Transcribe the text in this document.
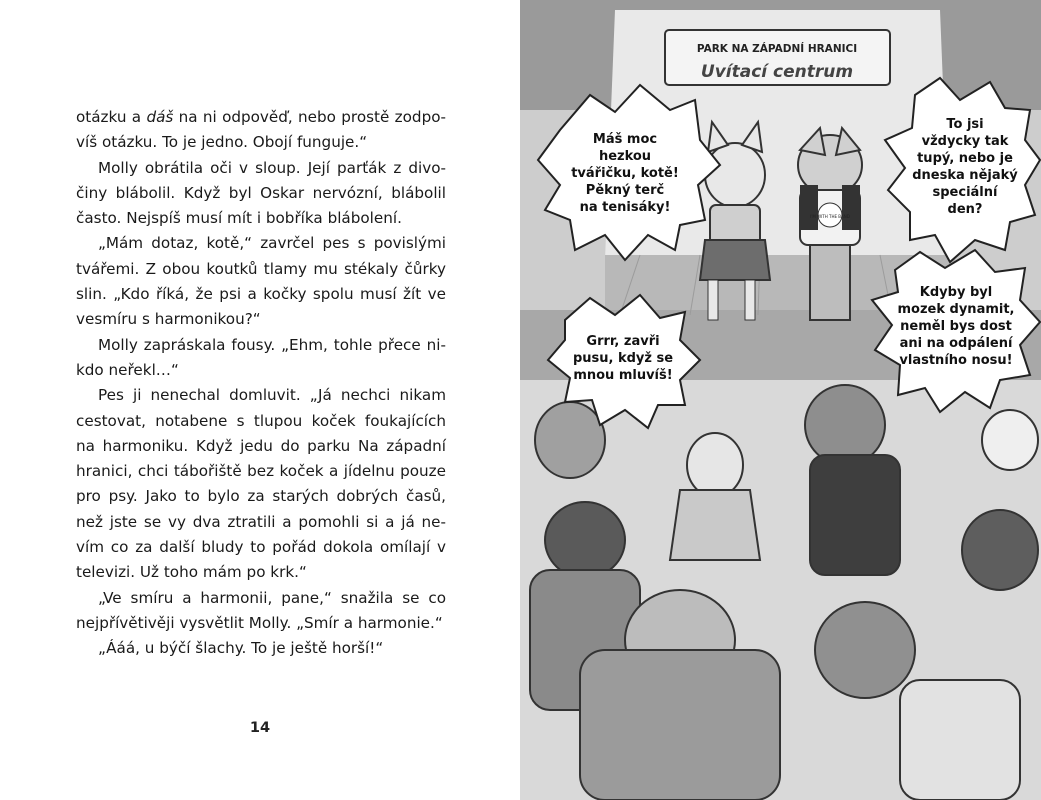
otázku a dáš na ni odpověď, nebo prostě zodpovíš otázku. To je jedno. Obojí funguje.“

Molly obrátila oči v sloup. Její parťák z divočiny blábolil. Když byl Oskar nervózní, blábolil často. Nejspíš musí mít i bobříka blábolení.

„Mám dotaz, kotě,“ zavrčel pes s povislými tvářemi. Z obou koutků tlamy mu stékaly čůrky slin. „Kdo říká, že psi a kočky spolu musí žít ve vesmíru s harmonikou?“

Molly zapráskala fousy. „Ehm, tohle přece nikdo neřekl…“

Pes ji nenechal domluvit. „Já nechci nikam cestovat, notabene s tlupou koček foukajících na harmoniku. Když jedu do parku Na západní hranici, chci tábořiště bez koček a jídelnu pouze pro psy. Jako to bylo za starých dobrých časů, než jste se vy dva ztratili a pomohli si a já nevím co za další bludy to pořád dokola omílají v televizi. Už toho mám po krk.“

„Ve smíru a harmonii, pane,“ snažila se co nejpřívětivěji vysvětlit Molly. „Smír a harmonie.“

„Ááá, u býčí šlachy. To je ještě horší!“

14
PARK NA ZÁPADNÍ HRANICI
Uvítací centrum
I'M WITH THE BAND
Máš moc
hezkou
tvářičku, kotě!
Pěkný terč
na tenisáky!
To jsi
vždycky tak
tupý, nebo je
dneska nějaký
speciální
den?
Kdyby byl
mozek dynamit,
neměl bys dost
ani na odpálení
vlastního nosu!
Grrr, zavři
pusu, když se
mnou mluvíš!
